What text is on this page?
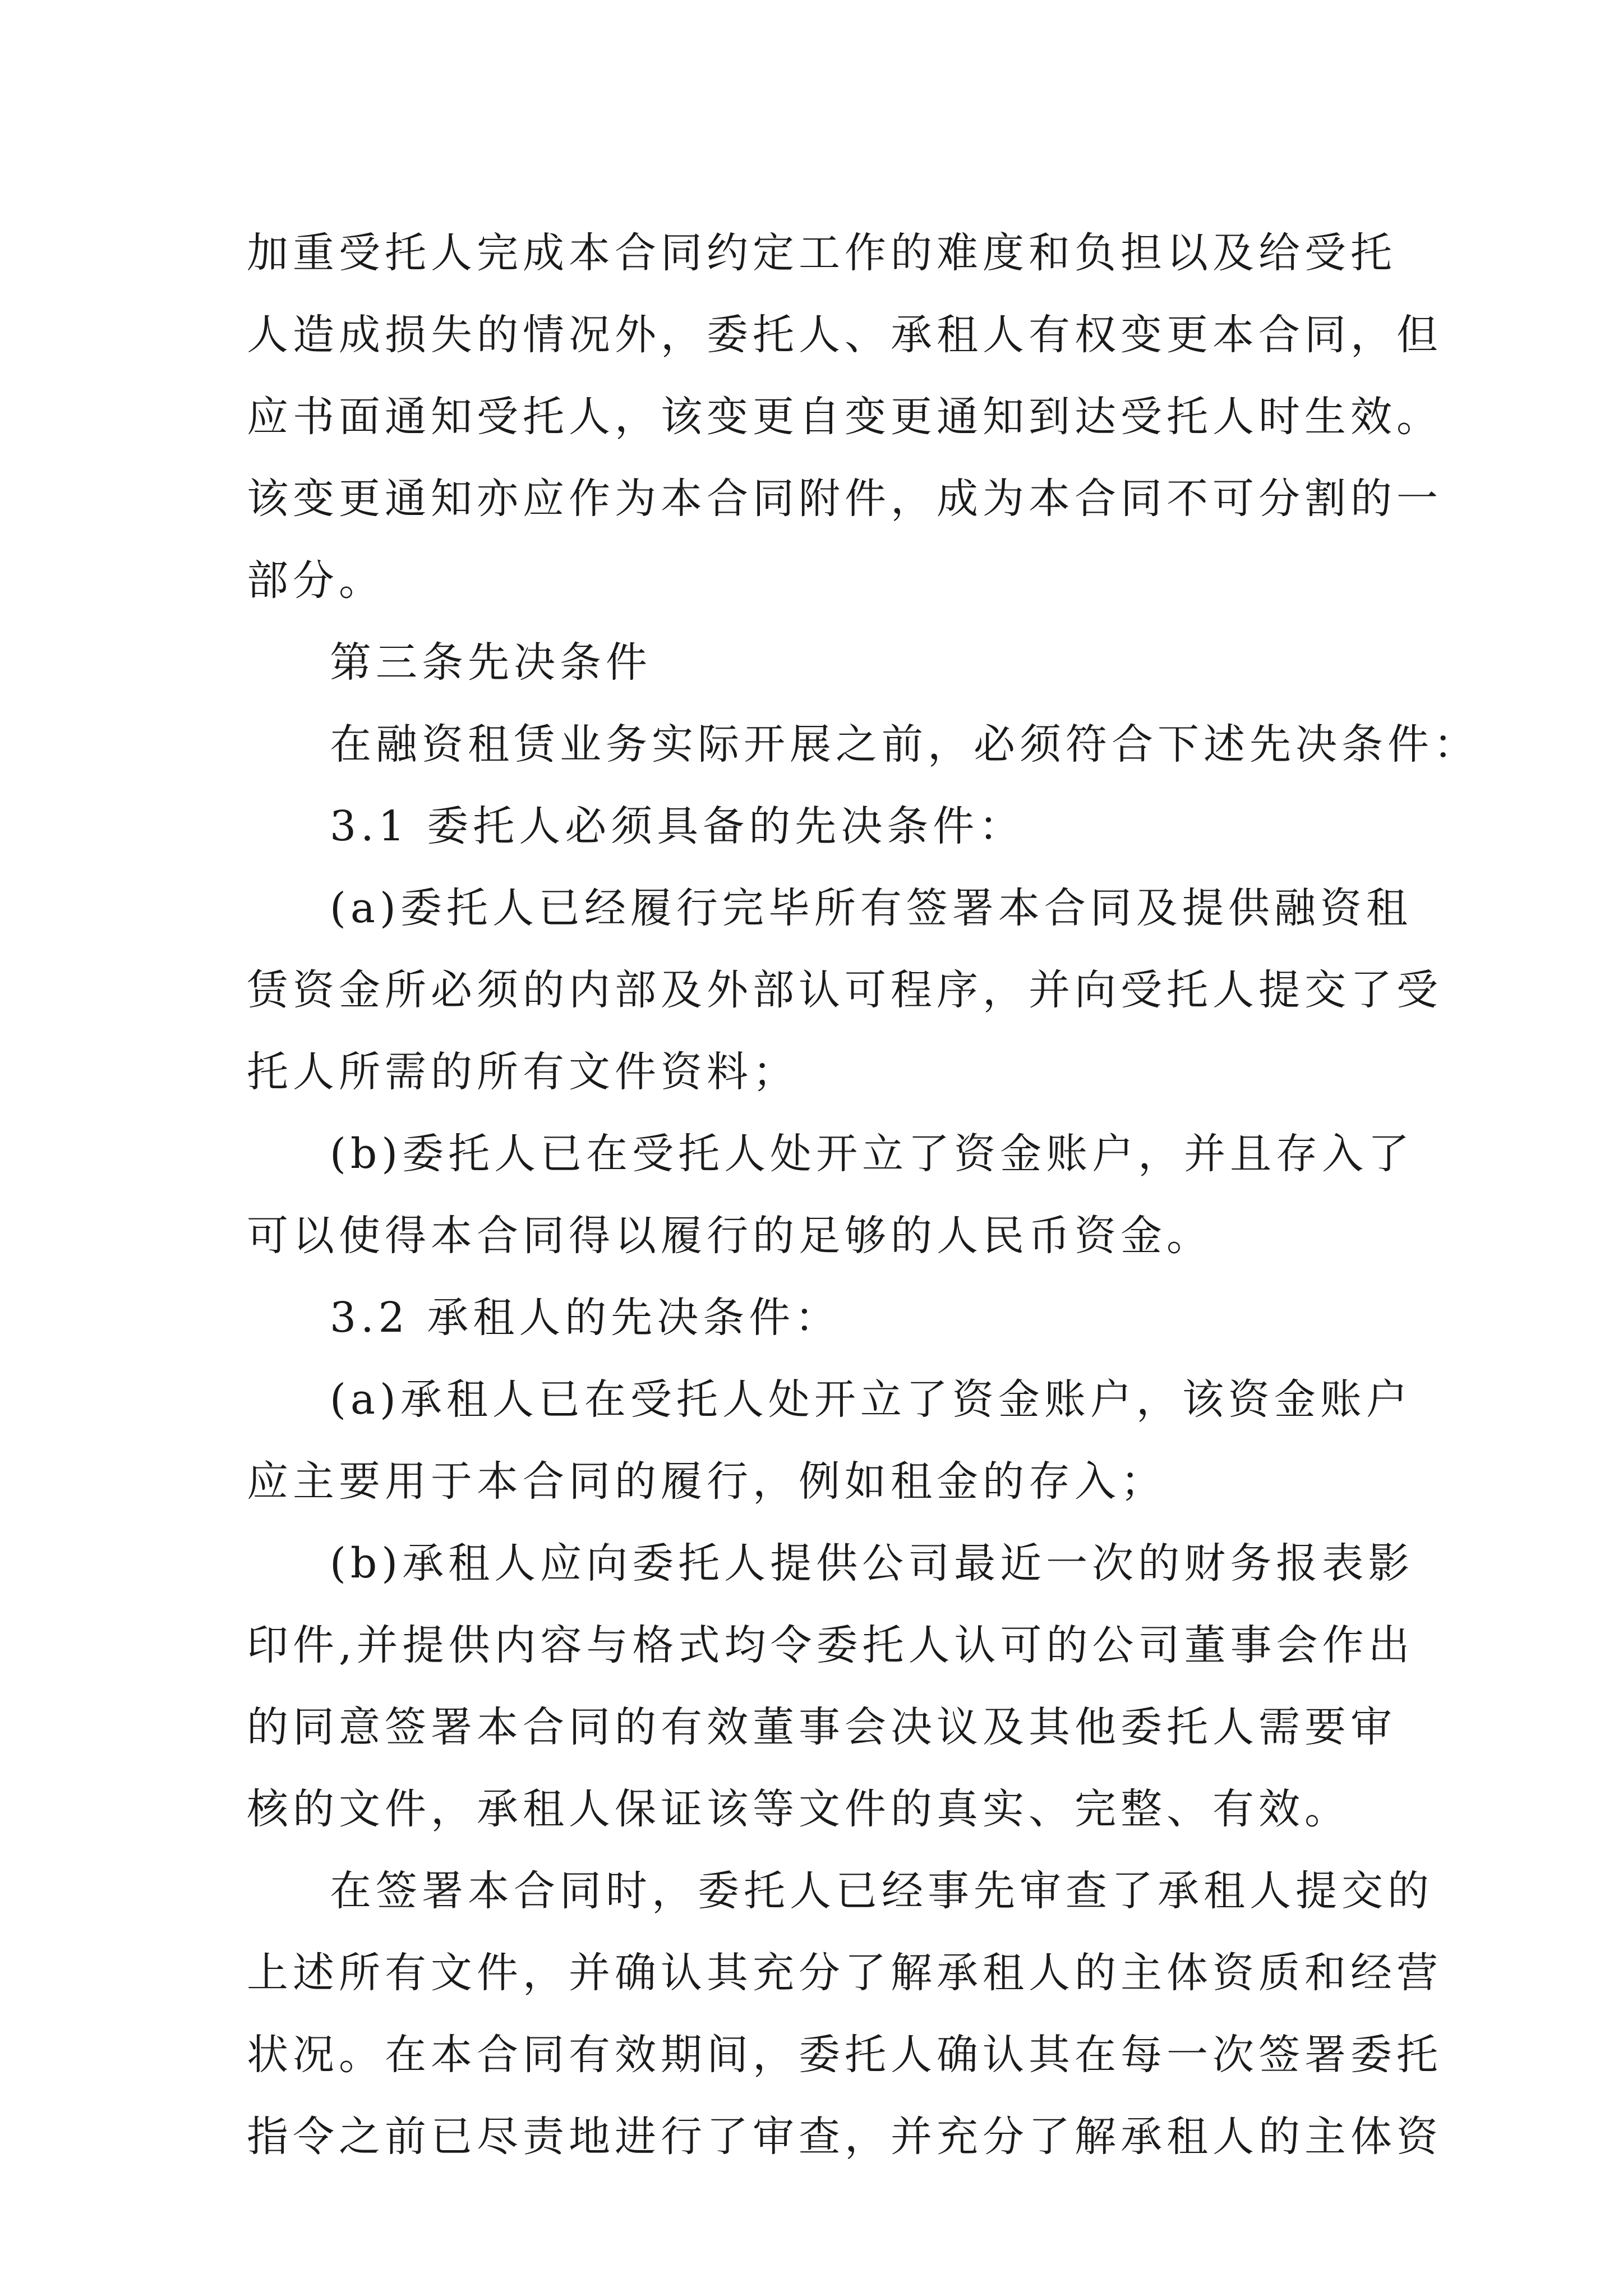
加重受托人完成本合同约定工作的难度和负担以及给受托
人造成损失的情况外，委托人、承租人有权变更本合同，但
应书面通知受托人，该变更自变更通知到达受托人时生效。
该变更通知亦应作为本合同附件，成为本合同不可分割的一
部分。
第三条先决条件
在融资租赁业务实际开展之前，必须符合下述先决条件：
3.1 委托人必须具备的先决条件：
(a)委托人已经履行完毕所有签署本合同及提供融资租
赁资金所必须的内部及外部认可程序，并向受托人提交了受
托人所需的所有文件资料；
(b)委托人已在受托人处开立了资金账户，并且存入了
可以使得本合同得以履行的足够的人民币资金。
3.2 承租人的先决条件：
(a)承租人已在受托人处开立了资金账户，该资金账户
应主要用于本合同的履行，例如租金的存入；
(b)承租人应向委托人提供公司最近一次的财务报表影
印件,并提供内容与格式均令委托人认可的公司董事会作出
的同意签署本合同的有效董事会决议及其他委托人需要审
核的文件，承租人保证该等文件的真实、完整、有效。
在签署本合同时，委托人已经事先审查了承租人提交的
上述所有文件，并确认其充分了解承租人的主体资质和经营
状况。在本合同有效期间，委托人确认其在每一次签署委托
指令之前已尽责地进行了审查，并充分了解承租人的主体资
